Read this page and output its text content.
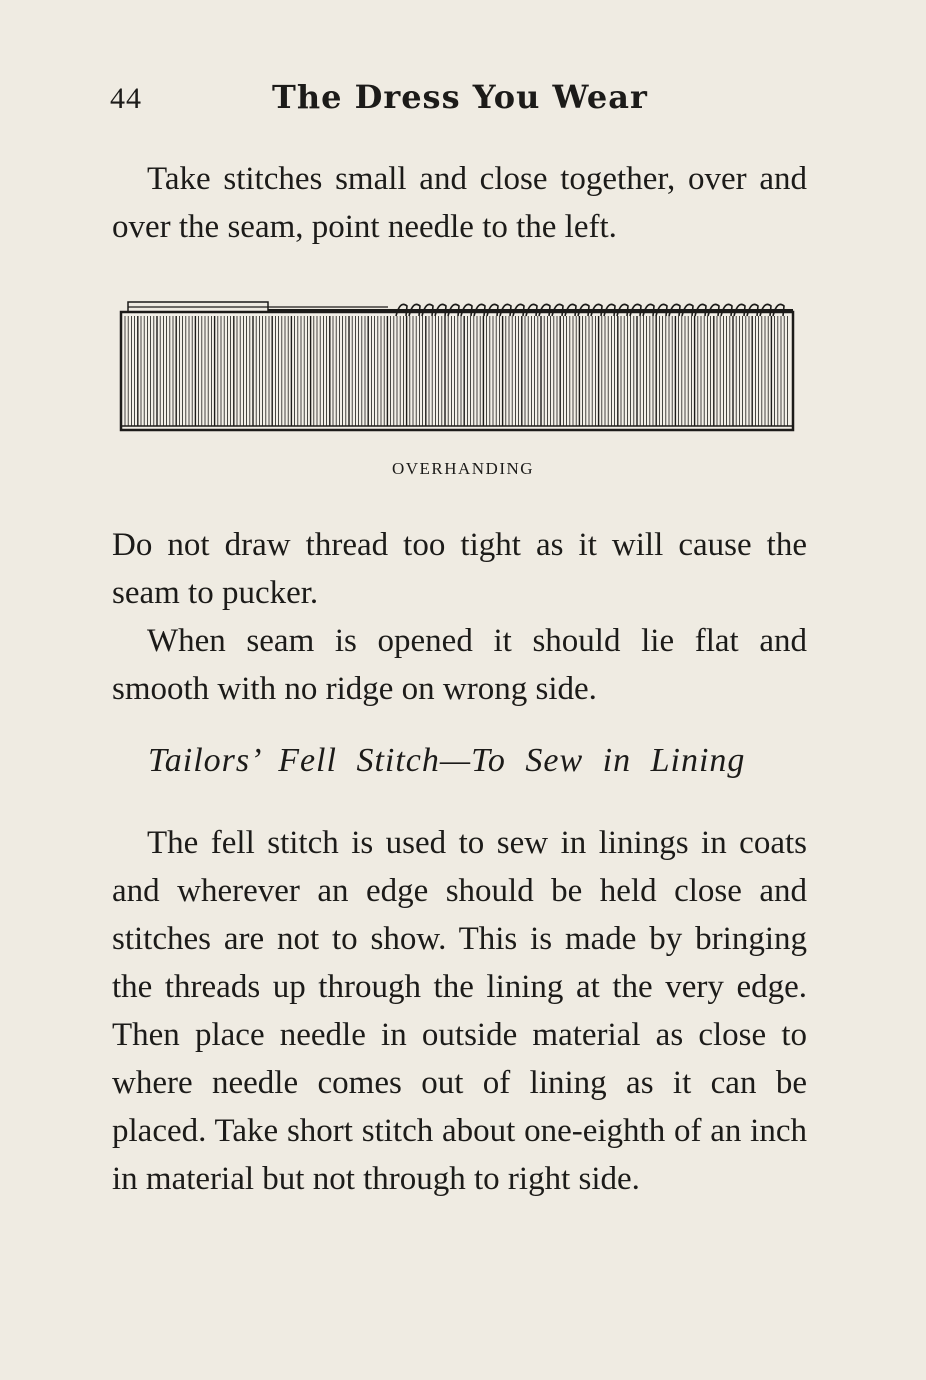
44	The Dress You Wear

Take stitches small and close together, over and over the seam, point needle to the left.

OVERHANDING

Do not draw thread too tight as it will cause the seam to pucker.

When seam is opened it should lie flat and smooth with no ridge on wrong side.

Tailors’ Fell Stitch—To Sew in Lining

The fell stitch is used to sew in linings in coats and wherever an edge should be held close and stitches are not to show. This is made by bringing the threads up through the lining at the very edge. Then place needle in outside material as close to where needle comes out of lining as it can be placed. Take short stitch about one-eighth of an inch in material but not through to right side.
